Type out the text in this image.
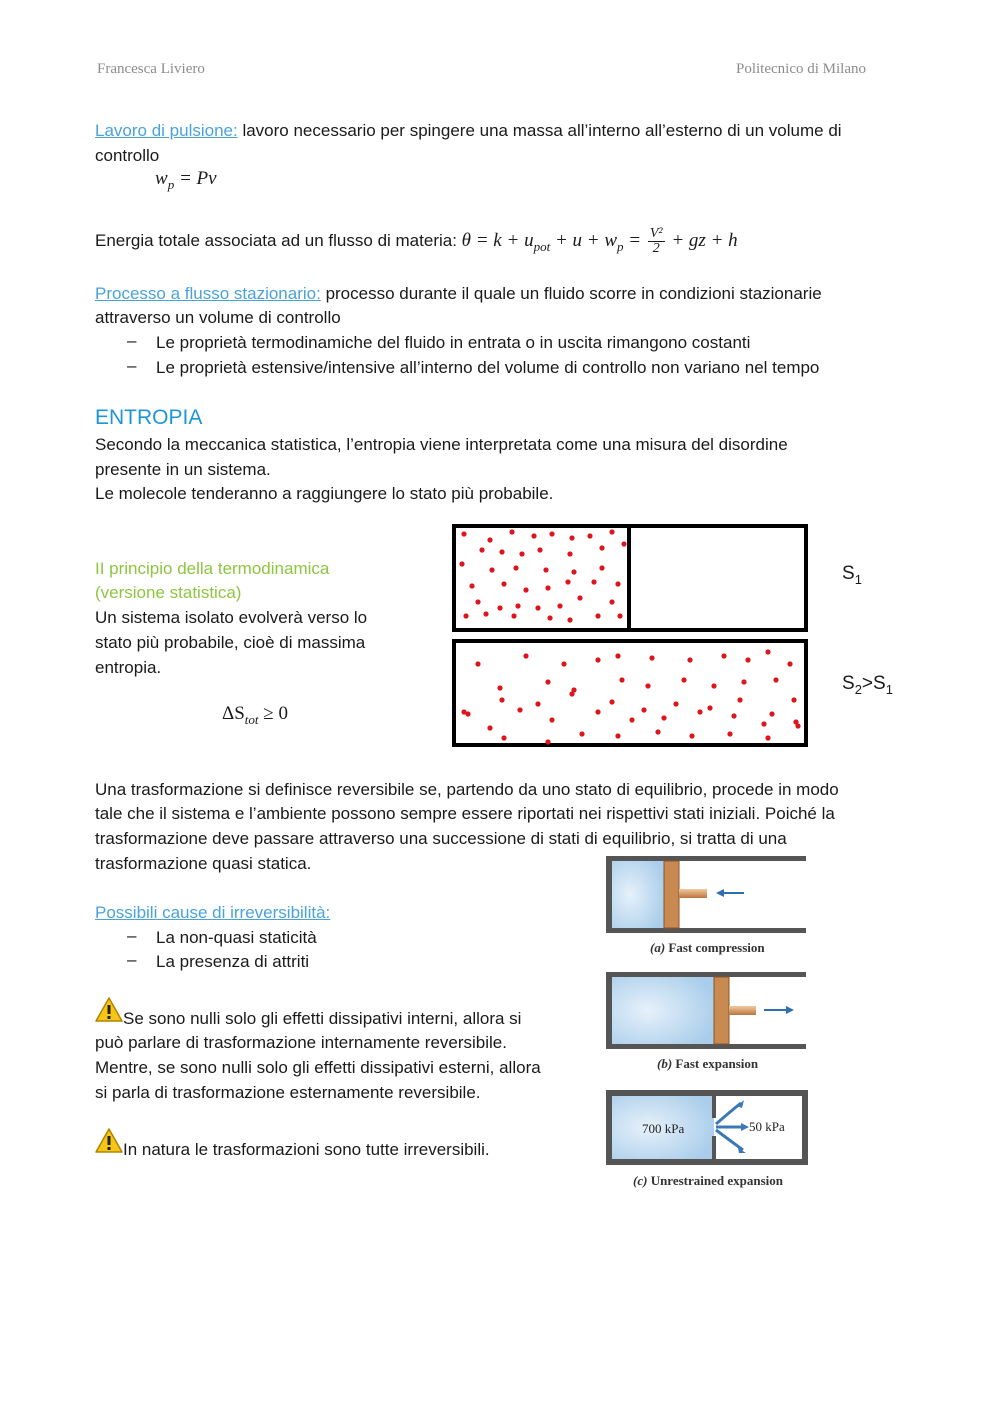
Francesca Liviero	Politecnico di Milano
Lavoro di pulsione: lavoro necessario per spingere una massa all’interno all’esterno di un volume di
controllo
$w_p = Pv$
Energia totale associata ad un flusso di materia: $\theta = k + u_{pot} + u + w_p = \frac{\text{V²}}{2}$ + gz + h
Processo a flusso stazionario: processo durante il quale un fluido scorre in condizioni stazionarie
attraverso un volume di controllo
– Le proprietà termodinamiche del fluido in entrata o in uscita rimangono costanti
– Le proprietà estensive/intensive all’interno del volume di controllo non variano nel tempo
ENTROPIA
Secondo la meccanica statistica, l’entropia viene interpretata come una misura del disordine
presente in un sistema.
Le molecole tenderanno a raggiungere lo stato più probabile.
II principio della termodinamica
(versione statistica)
Un sistema isolato evolverà verso lo
stato più probabile, cioè di massima
entropia.
$\Delta S_{tot} \ge 0$
$S_1$
$S_2>S_1$
Una trasformazione si definisce reversibile se, partendo da uno stato di equilibrio, procede in modo
tale che il sistema e l’ambiente possono sempre essere riportati nei rispettivi stati iniziali. Poiché la
trasformazione deve passare attraverso una successione di stati di equilibrio, si tratta di una
trasformazione quasi statica.
Possibili cause di irreversibilità:
– La non-quasi staticità
– La presenza di attriti
Se sono nulli solo gli effetti dissipativi interni, allora si
può parlare di trasformazione internamente reversibile.
Mentre, se sono nulli solo gli effetti dissipativi esterni, allora
si parla di trasformazione esternamente reversibile.
In natura le trasformazioni sono tutte irreversibili.
700 kPa	50 kPa
(a) Fast compression
(b) Fast expansion
(c) Unrestrained expansion
